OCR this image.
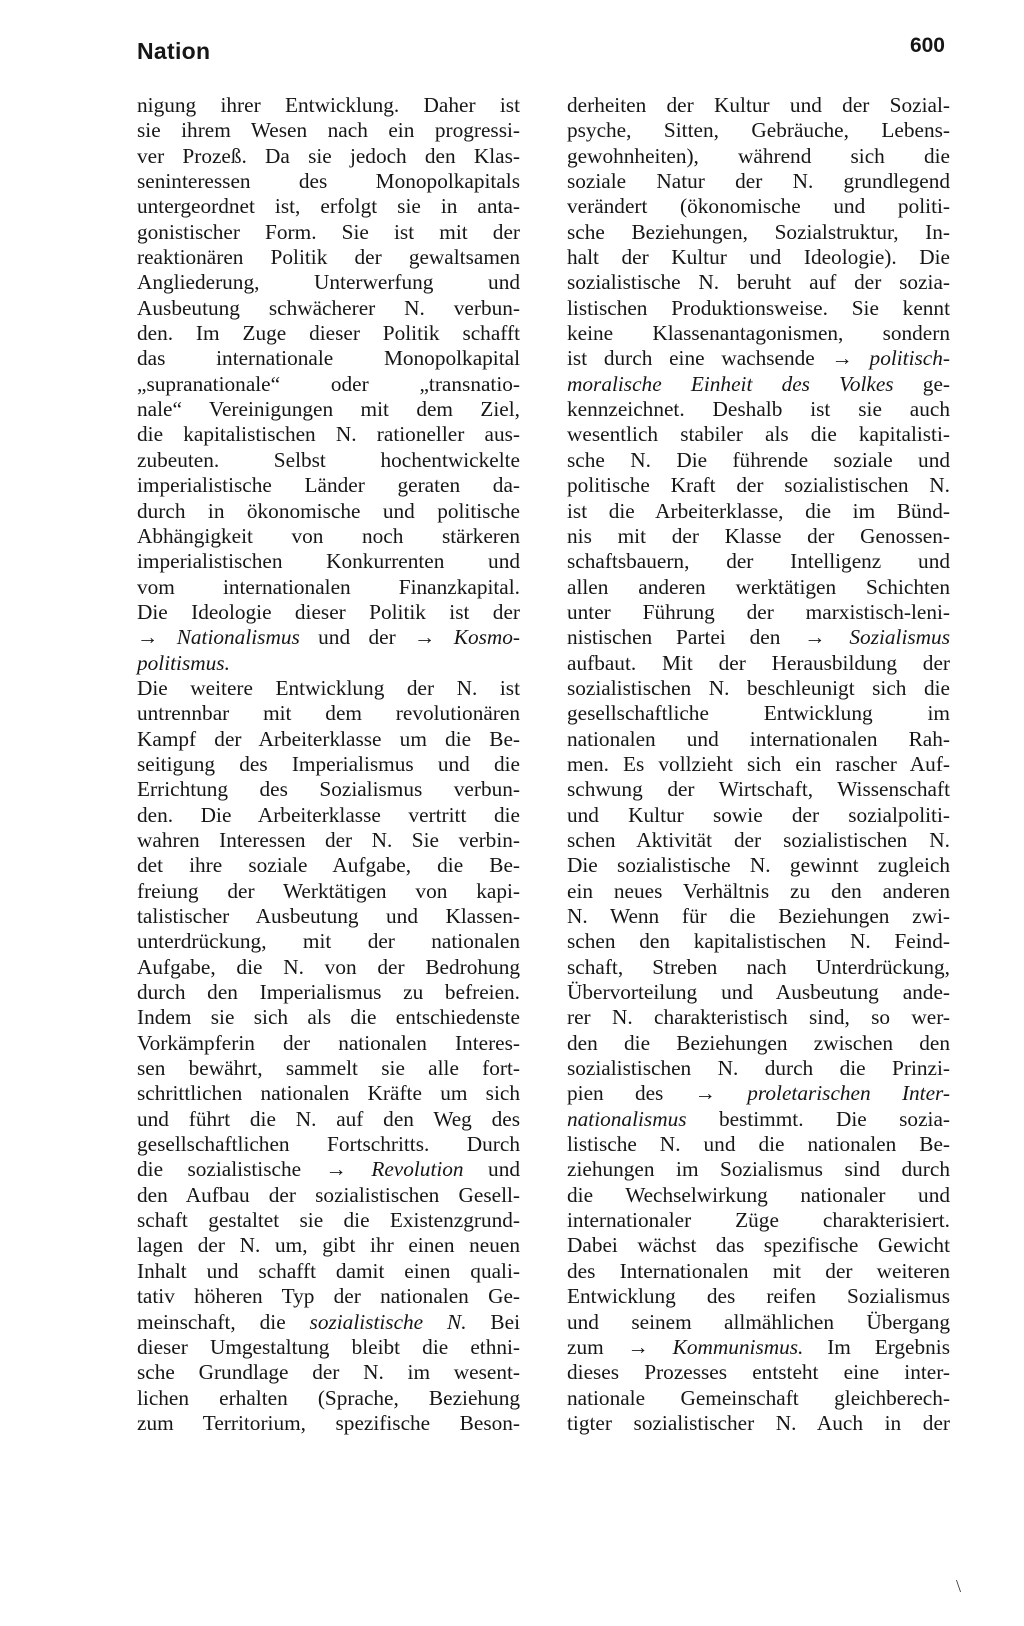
Nation	600
nigung ihrer Entwicklung. Daher ist
sie ihrem Wesen nach ein progressi-
ver Prozeß. Da sie jedoch den Klas-
seninteressen des Monopolkapitals
untergeordnet ist, erfolgt sie in anta-
gonistischer Form. Sie ist mit der
reaktionären Politik der gewaltsamen
Angliederung, Unterwerfung und
Ausbeutung schwächerer N. verbun-
den. Im Zuge dieser Politik schafft
das internationale Monopolkapital
„supranationale“ oder „transnatio-
nale“ Vereinigungen mit dem Ziel,
die kapitalistischen N. rationeller aus-
zubeuten. Selbst hochentwickelte
imperialistische Länder geraten da-
durch in ökonomische und politische
Abhängigkeit von noch stärkeren
imperialistischen Konkurrenten und
vom internationalen Finanzkapital.
Die Ideologie dieser Politik ist der
→ Nationalismus und der → Kosmo-
politismus.
Die weitere Entwicklung der N. ist
untrennbar mit dem revolutionären
Kampf der Arbeiterklasse um die Be-
seitigung des Imperialismus und die
Errichtung des Sozialismus verbun-
den. Die Arbeiterklasse vertritt die
wahren Interessen der N. Sie verbin-
det ihre soziale Aufgabe, die Be-
freiung der Werktätigen von kapi-
talistischer Ausbeutung und Klassen-
unterdrückung, mit der nationalen
Aufgabe, die N. von der Bedrohung
durch den Imperialismus zu befreien.
Indem sie sich als die entschiedenste
Vorkämpferin der nationalen Interes-
sen bewährt, sammelt sie alle fort-
schrittlichen nationalen Kräfte um sich
und führt die N. auf den Weg des
gesellschaftlichen Fortschritts. Durch
die sozialistische → Revolution und
den Aufbau der sozialistischen Gesell-
schaft gestaltet sie die Existenzgrund-
lagen der N. um, gibt ihr einen neuen
Inhalt und schafft damit einen quali-
tativ höheren Typ der nationalen Ge-
meinschaft, die sozialistische N. Bei
dieser Umgestaltung bleibt die ethni-
sche Grundlage der N. im wesent-
lichen erhalten (Sprache, Beziehung
zum Territorium, spezifische Beson-
derheiten der Kultur und der Sozial-
psyche, Sitten, Gebräuche, Lebens-
gewohnheiten), während sich die
soziale Natur der N. grundlegend
verändert (ökonomische und politi-
sche Beziehungen, Sozialstruktur, In-
halt der Kultur und Ideologie). Die
sozialistische N. beruht auf der sozia-
listischen Produktionsweise. Sie kennt
keine Klassenantagonismen, sondern
ist durch eine wachsende → politisch-
moralische Einheit des Volkes ge-
kennzeichnet. Deshalb ist sie auch
wesentlich stabiler als die kapitalisti-
sche N. Die führende soziale und
politische Kraft der sozialistischen N.
ist die Arbeiterklasse, die im Bünd-
nis mit der Klasse der Genossen-
schaftsbauern, der Intelligenz und
allen anderen werktätigen Schichten
unter Führung der marxistisch-leni-
nistischen Partei den → Sozialismus
aufbaut. Mit der Herausbildung der
sozialistischen N. beschleunigt sich die
gesellschaftliche Entwicklung im
nationalen und internationalen Rah-
men. Es vollzieht sich ein rascher Auf-
schwung der Wirtschaft, Wissenschaft
und Kultur sowie der sozialpoliti-
schen Aktivität der sozialistischen N.
Die sozialistische N. gewinnt zugleich
ein neues Verhältnis zu den anderen
N. Wenn für die Beziehungen zwi-
schen den kapitalistischen N. Feind-
schaft, Streben nach Unterdrückung,
Übervorteilung und Ausbeutung ande-
rer N. charakteristisch sind, so wer-
den die Beziehungen zwischen den
sozialistischen N. durch die Prinzi-
pien des → proletarischen Inter-
nationalismus bestimmt. Die sozia-
listische N. und die nationalen Be-
ziehungen im Sozialismus sind durch
die Wechselwirkung nationaler und
internationaler Züge charakterisiert.
Dabei wächst das spezifische Gewicht
des Internationalen mit der weiteren
Entwicklung des reifen Sozialismus
und seinem allmählichen Übergang
zum → Kommunismus. Im Ergebnis
dieses Prozesses entsteht eine inter-
nationale Gemeinschaft gleichberech-
tigter sozialistischer N. Auch in der
\
